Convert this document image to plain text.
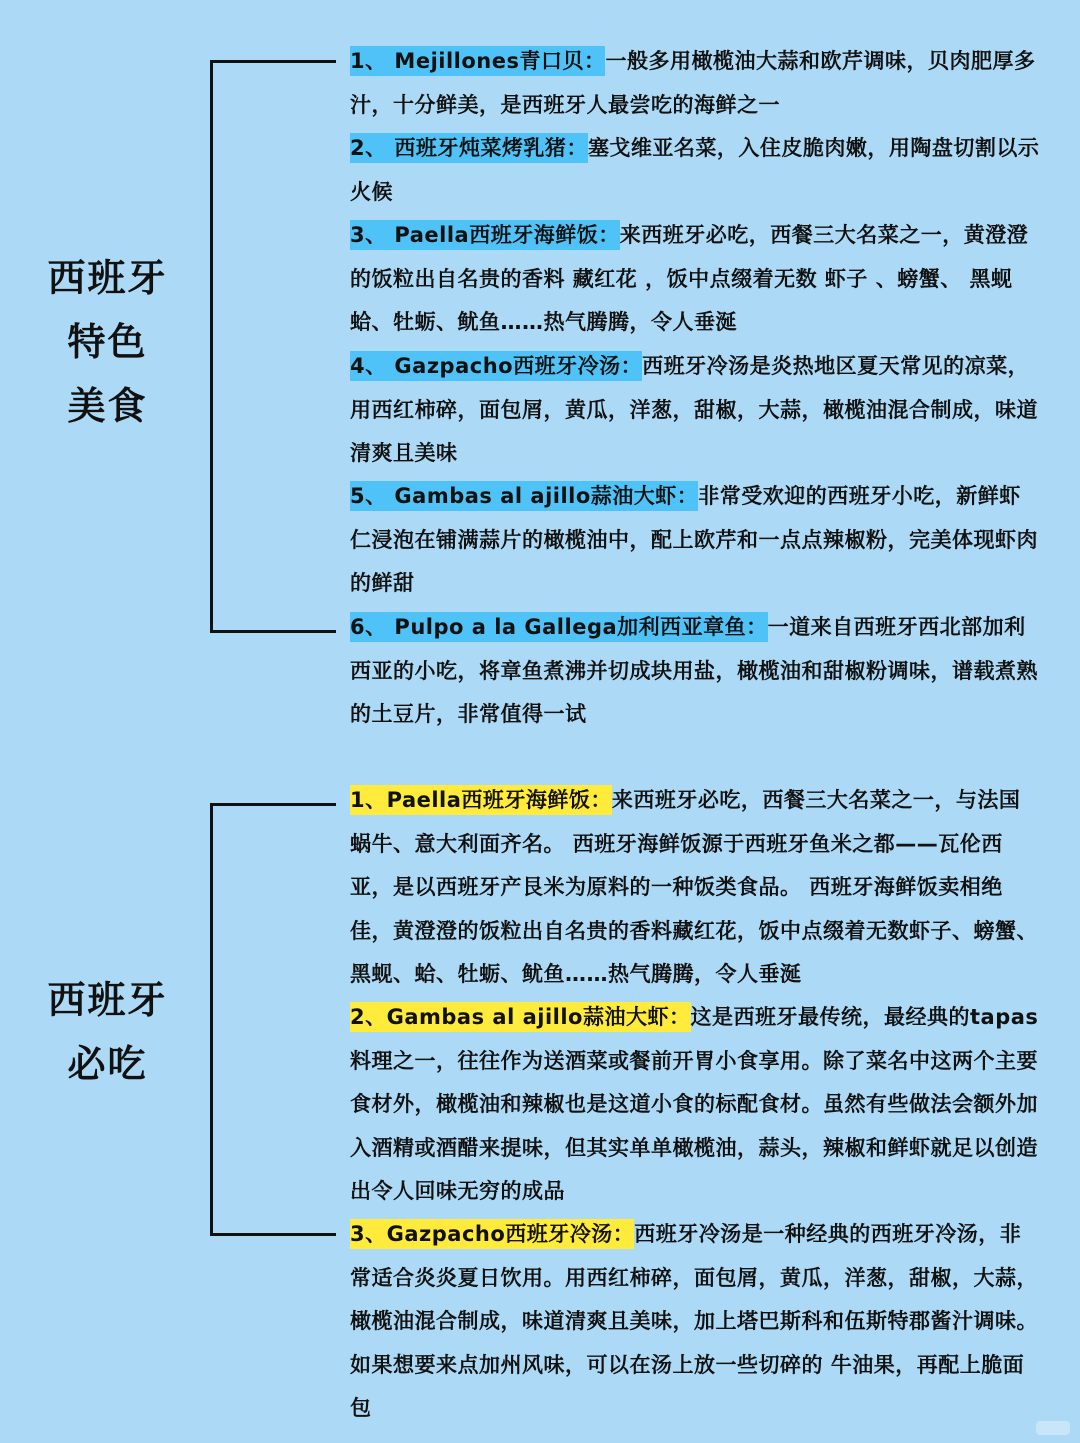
西班牙
特色
美食
1、 Mejillones青口贝：一般多用橄榄油大蒜和欧芹调味，贝肉肥厚多汁，十分鲜美，是西班牙人最尝吃的海鲜之一
2、 西班牙炖菜烤乳猪：塞戈维亚名菜，入住皮脆肉嫩，用陶盘切割以示火候
3、 Paella西班牙海鲜饭：来西班牙必吃，西餐三大名菜之一，黄澄澄的饭粒出自名贵的香料 藏红花 ，饭中点缀着无数 虾子 、螃蟹、 黑蚬蛤、牡蛎、鱿鱼……热气腾腾，令人垂涎
4、 Gazpacho西班牙冷汤：西班牙冷汤是炎热地区夏天常见的凉菜，用西红柿碎，面包屑，黄瓜，洋葱，甜椒，大蒜，橄榄油混合制成，味道清爽且美味
5、 Gambas al ajillo蒜油大虾：非常受欢迎的西班牙小吃，新鲜虾仁浸泡在铺满蒜片的橄榄油中，配上欧芹和一点点辣椒粉，完美体现虾肉的鲜甜
6、 Pulpo a la Gallega加利西亚章鱼：一道来自西班牙西北部加利西亚的小吃，将章鱼煮沸并切成块用盐，橄榄油和甜椒粉调味，谱载煮熟的土豆片，非常值得一试
西班牙
必吃
1、Paella西班牙海鲜饭：来西班牙必吃，西餐三大名菜之一，与法国蜗牛、意大利面齐名。 西班牙海鲜饭源于西班牙鱼米之都——瓦伦西亚，是以西班牙产艮米为原料的一种饭类食品。 西班牙海鲜饭卖相绝佳，黄澄澄的饭粒出自名贵的香料藏红花，饭中点缀着无数虾子、螃蟹、黑蚬、蛤、牡蛎、鱿鱼……热气腾腾，令人垂涎
2、Gambas al ajillo蒜油大虾：这是西班牙最传统，最经典的tapas料理之一，往往作为送酒菜或餐前开胃小食享用。除了菜名中这两个主要食材外，橄榄油和辣椒也是这道小食的标配食材。虽然有些做法会额外加入酒精或酒醋来提味，但其实单单橄榄油，蒜头，辣椒和鲜虾就足以创造出令人回味无穷的成品
3、Gazpacho西班牙冷汤：西班牙冷汤是一种经典的西班牙冷汤，非常适合炎炎夏日饮用。用西红柿碎，面包屑，黄瓜，洋葱，甜椒，大蒜，橄榄油混合制成，味道清爽且美味，加上塔巴斯科和伍斯特郡酱汁调味。 如果想要来点加州风味，可以在汤上放一些切碎的 牛油果，再配上脆面包
